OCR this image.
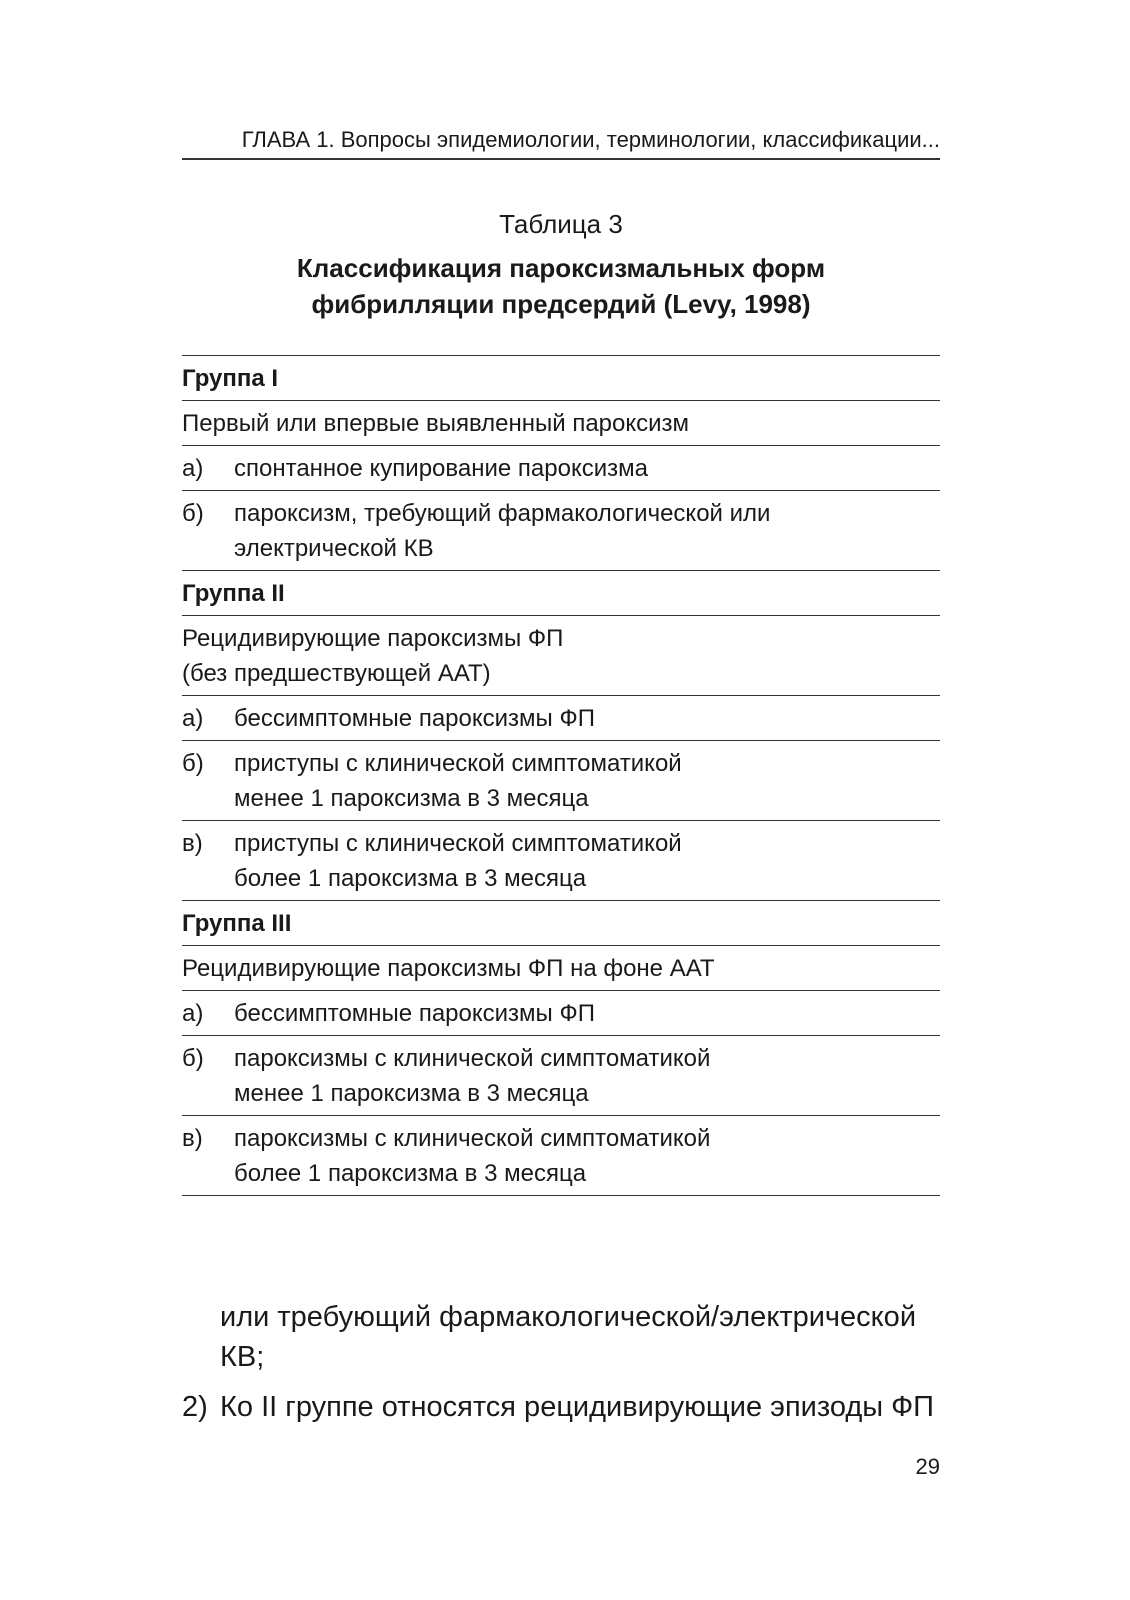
ГЛАВА 1. Вопросы эпидемиологии, терминологии, классификации...
Таблица 3
Классификация пароксизмальных форм
фибрилляции предсердий (Levy, 1998)
Группа I
Первый или впервые выявленный пароксизм
а)	спонтанное купирование пароксизма
б)	пароксизм, требующий фармакологической или
электрической КВ
Группа II
Рецидивирующие пароксизмы ФП
(без предшествующей ААТ)
а)	бессимптомные пароксизмы ФП
б)	приступы с клинической симптоматикой
менее 1 пароксизма в 3 месяца
в)	приступы с клинической симптоматикой
более 1 пароксизма в 3 месяца
Группа III
Рецидивирующие пароксизмы ФП на фоне ААТ
а)	бессимптомные пароксизмы ФП
б)	пароксизмы с клинической симптоматикой
менее 1 пароксизма в 3 месяца
в)	пароксизмы с клинической симптоматикой
более 1 пароксизма в 3 месяца
или требующий фармакологической/электрической
КВ;
2) Ко II группе относятся рецидивирующие эпизоды ФП
29
